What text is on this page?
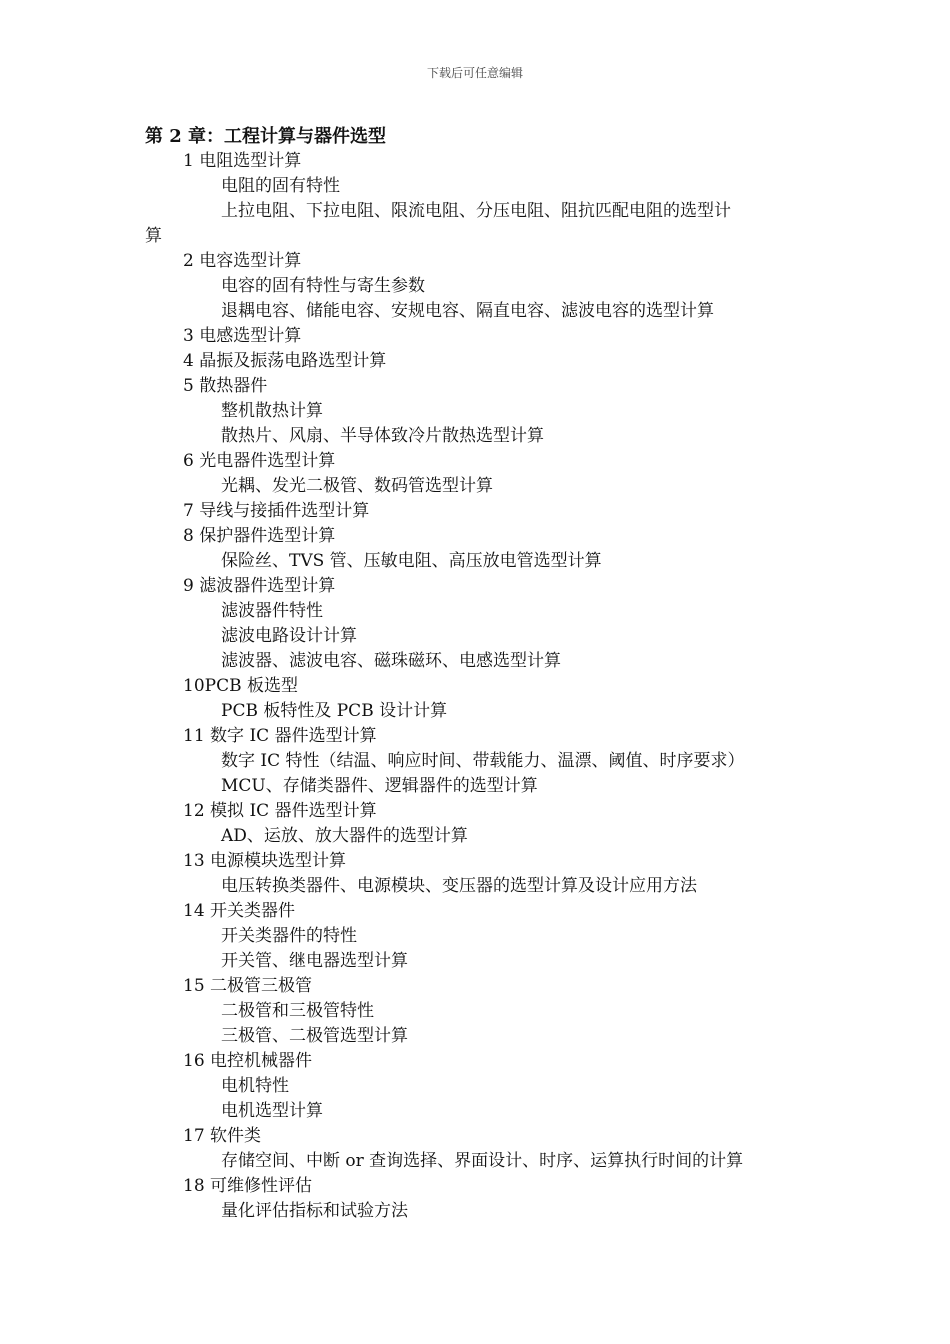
下载后可任意编辑
第 2 章：工程计算与器件选型
1 电阻选型计算
电阻的固有特性
上拉电阻、下拉电阻、限流电阻、分压电阻、阻抗匹配电阻的选型计
算
2 电容选型计算
电容的固有特性与寄生参数
退耦电容、储能电容、安规电容、隔直电容、滤波电容的选型计算
3 电感选型计算
4 晶振及振荡电路选型计算
5 散热器件
整机散热计算
散热片、风扇、半导体致冷片散热选型计算
6 光电器件选型计算
光耦、发光二极管、数码管选型计算
7 导线与接插件选型计算
8 保护器件选型计算
保险丝、TVS 管、压敏电阻、高压放电管选型计算
9 滤波器件选型计算
滤波器件特性
滤波电路设计计算
滤波器、滤波电容、磁珠磁环、电感选型计算
10PCB 板选型
PCB 板特性及 PCB 设计计算
11 数字 IC 器件选型计算
数字 IC 特性（结温、响应时间、带载能力、温漂、阈值、时序要求）
MCU、存储类器件、逻辑器件的选型计算
12 模拟 IC 器件选型计算
AD、运放、放大器件的选型计算
13 电源模块选型计算
电压转换类器件、电源模块、变压器的选型计算及设计应用方法
14 开关类器件
开关类器件的特性
开关管、继电器选型计算
15 二极管三极管
二极管和三极管特性
三极管、二极管选型计算
16 电控机械器件
电机特性
电机选型计算
17 软件类
存储空间、中断 or 查询选择、界面设计、时序、运算执行时间的计算
18 可维修性评估
量化评估指标和试验方法
